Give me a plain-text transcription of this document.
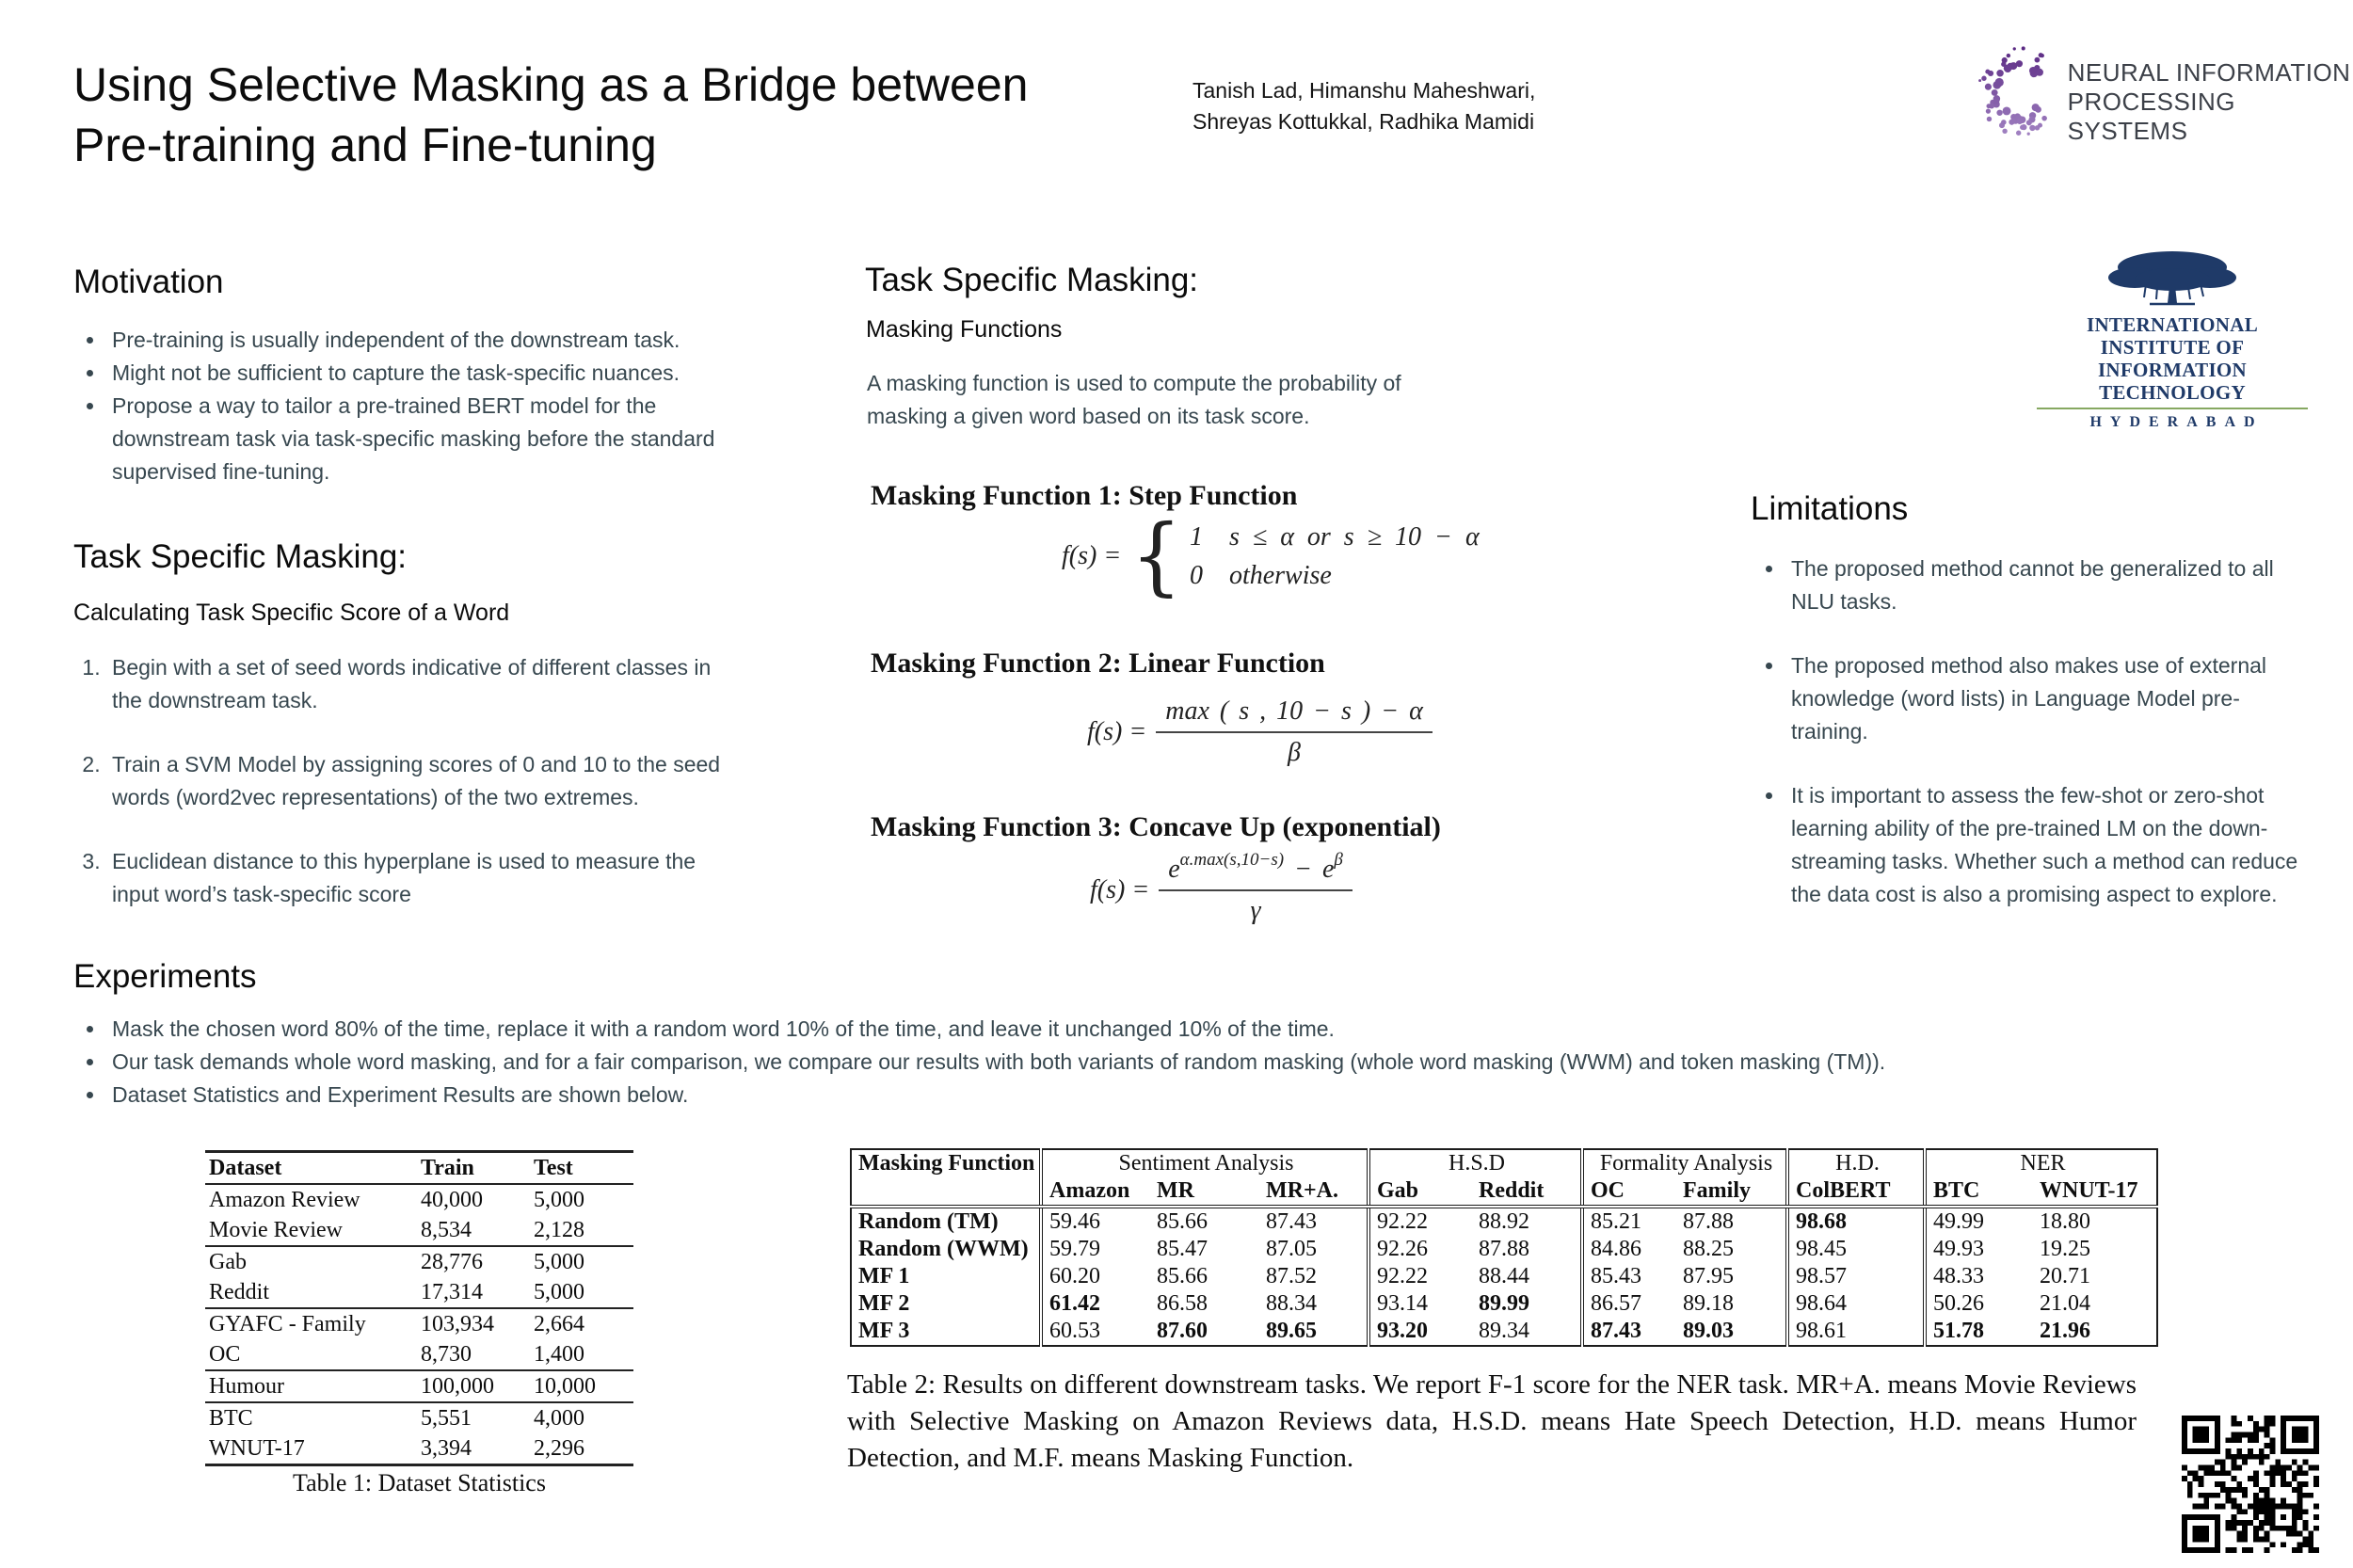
Using Selective Masking as a Bridge between
Pre-training and Fine-tuning
Tanish Lad, Himanshu Maheshwari,
Shreyas Kottukkal, Radhika Mamidi
NEURAL INFORMATION
PROCESSING SYSTEMS
INTERNATIONAL INSTITUTE OF
INFORMATION TECHNOLOGY
HYDERABAD
Motivation
• Pre-training is usually independent of the downstream task.
• Might not be sufficient to capture the task-specific nuances.
• Propose a way to tailor a pre-trained BERT model for the downstream task via task-specific masking before the standard supervised fine-tuning.
Task Specific Masking:
Calculating Task Specific Score of a Word
1. Begin with a set of seed words indicative of different classes in the downstream task.
2. Train a SVM Model by assigning scores of 0 and 10 to the seed words (word2vec representations) of the two extremes.
3. Euclidean distance to this hyperplane is used to measure the input word’s task-specific score
Task Specific Masking:
Masking Functions
A masking function is used to compute the probability of
masking a given word based on its task score.
Masking Function 1: Step Function
f(s) = { 1	s ≤ α or s ≥ 10 − α
0	otherwise
Masking Function 2: Linear Function
$f(s) = \frac{\max ( s , 10 - s ) - \alpha}{\beta}$
Masking Function 3: Concave Up (exponential)
$f(s) = \frac{e^{\alpha.max(s,10-s)} - e^\beta}{\gamma}$
Limitations
• The proposed method cannot be generalized to all NLU tasks.
• The proposed method also makes use of external knowledge (word lists) in Language Model pre-training.
• It is important to assess the few-shot or zero-shot learning ability of the pre-trained LM on the down-streaming tasks. Whether such a method can reduce the data cost is also a promising aspect to explore.
Experiments
• Mask the chosen word 80% of the time, replace it with a random word 10% of the time, and leave it unchanged 10% of the time.
• Our task demands whole word masking, and for a fair comparison, we compare our results with both variants of random masking (whole word masking (WWM) and token masking (TM)).
• Dataset Statistics and Experiment Results are shown below.
Dataset	Train	Test
Amazon Review	40,000	5,000
Movie Review	8,534	2,128
Gab	28,776	5,000
Reddit	17,314	5,000
GYAFC - Family	103,934	2,664
OC	8,730	1,400
Humour	100,000	10,000
BTC	5,551	4,000
WNUT-17	3,394	2,296
Table 1: Dataset Statistics
Masking Function	Sentiment Analysis			H.S.D		Formality Analysis		H.D.	NER	
	Amazon	MR	MR+A.	Gab	Reddit	OC	Family	ColBERT	BTC	WNUT-17
Random (TM)	59.46	85.66	87.43	92.22	88.92	85.21	87.88	98.68	49.99	18.80
Random (WWM)	59.79	85.47	87.05	92.26	87.88	84.86	88.25	98.45	49.93	19.25
MF 1	60.20	85.66	87.52	92.22	88.44	85.43	87.95	98.57	48.33	20.71
MF 2	61.42	86.58	88.34	93.14	89.99	86.57	89.18	98.64	50.26	21.04
MF 3	60.53	87.60	89.65	93.20	89.34	87.43	89.03	98.61	51.78	21.96
Table 2: Results on different downstream tasks. We report F-1 score for the NER task. MR+A. means Movie Reviews with Selective Masking on Amazon Reviews data, H.S.D. means Hate Speech Detection, H.D. means Humor Detection, and M.F. means Masking Function.
